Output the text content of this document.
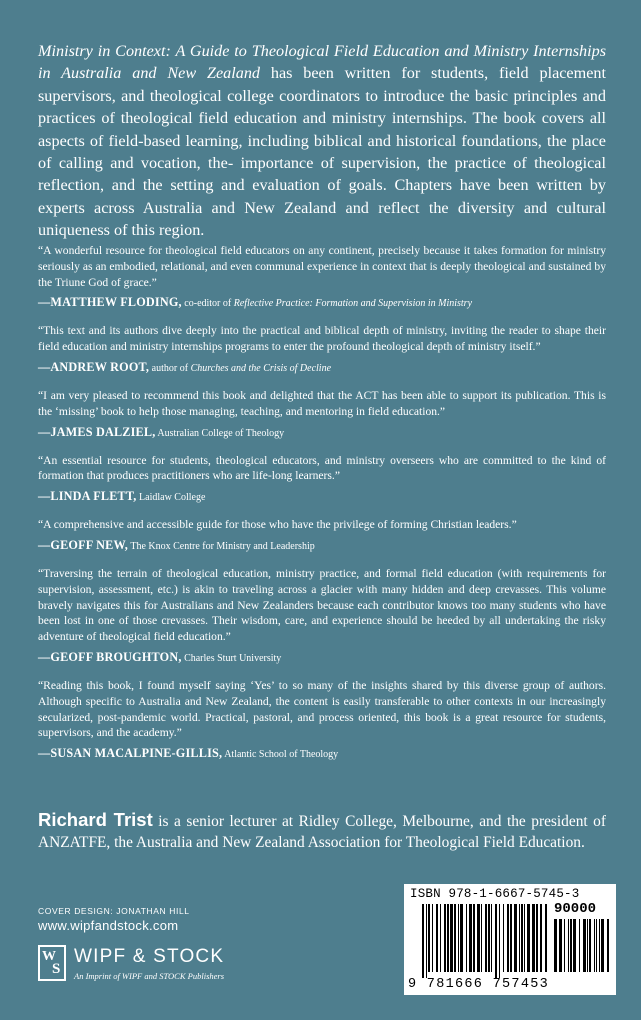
Ministry in Context: A Guide to Theological Field Education and Ministry Internships in Australia and New Zealand has been written for students, field placement supervisors, and theological college coordinators to introduce the basic principles and practices of theological field education and ministry internships. The book covers all aspects of field-based learning, including biblical and historical foundations, the place of calling and vocation, the- importance of supervision, the practice of theological reflection, and the setting and evaluation of goals. Chapters have been written by experts across Australia and New Zealand and reflect the diversity and cultural uniqueness of this region.

“A wonderful resource for theological field educators on any continent, precisely because it takes formation for ministry seriously as an embodied, relational, and even communal experience in context that is deeply theological and sustained by the Triune God of grace.”

— MATTHEW FLODING, co-editor of Reflective Practice: Formation and Supervision in Ministry

“This text and its authors dive deeply into the practical and biblical depth of ministry, inviting the reader to shape their field education and ministry internships programs to enter the profound theological depth of ministry itself.”

— ANDREW ROOT, author of Churches and the Crisis of Decline

“I am very pleased to recommend this book and delighted that the ACT has been able to support its publication. This is the ‘missing’ book to help those managing, teaching, and mentoring in field education.”

— JAMES DALZIEL, Australian College of Theology

“An essential resource for students, theological educators, and ministry overseers who are committed to the kind of formation that produces practitioners who are life-long learners.”

— LINDA FLETT, Laidlaw College

“A comprehensive and accessible guide for those who have the privilege of forming Christian leaders.”

— GEOFF NEW, The Knox Centre for Ministry and Leadership

“Traversing the terrain of theological education, ministry practice, and formal field education (with requirements for supervision, assessment, etc.) is akin to traveling across a glacier with many hidden and deep crevasses. This volume bravely navigates this for Australians and New Zealanders because each contributor knows too many students who have been lost in one of those crevasses. Their wisdom, care, and experience should be heeded by all undertaking the risky adventure of theological field education.”

— GEOFF BROUGHTON, Charles Sturt University

“Reading this book, I found myself saying ‘Yes’ to so many of the insights shared by this diverse group of authors. Although specific to Australia and New Zealand, the content is easily transferable to other contexts in our increasingly secularized, post-pandemic world. Practical, pastoral, and process oriented, this book is a great resource for students, supervisors, and the academy.”

— SUSAN MACALPINE-GILLIS, Atlantic School of Theology
Richard Trist is a senior lecturer at Ridley College, Melbourne, and the president of ANZATFE, the Australia and New Zealand Association for Theological Field Education.
COVER DESIGN: JONATHAN HILL
www.wipfandstock.com
W
S
WIPF & STOCK
An Imprint of WIPF and STOCK Publishers
ISBN 978-1-6667-5745-3
90000
9 781666 757453
